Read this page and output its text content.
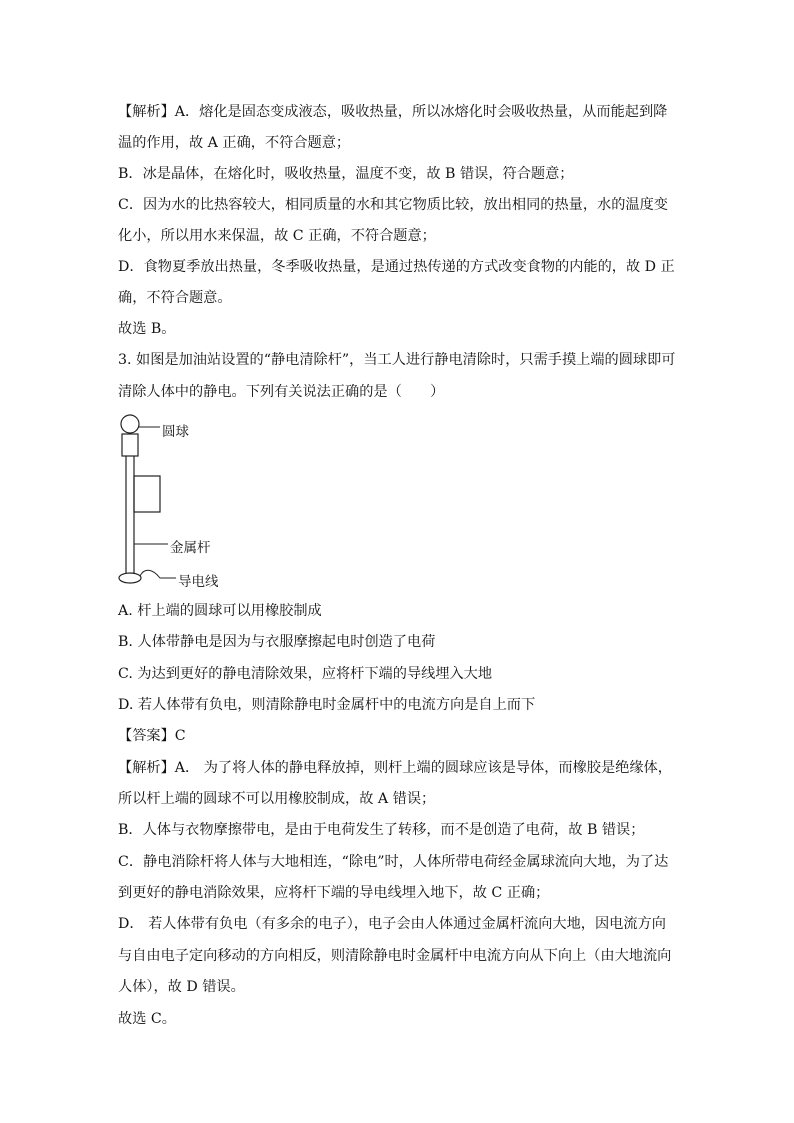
【解析】A．熔化是固态变成液态，吸收热量，所以冰熔化时会吸收热量，从而能起到降
温的作用，故 A 正确，不符合题意；
B．冰是晶体，在熔化时，吸收热量，温度不变，故 B 错误，符合题意；
C．因为水的比热容较大，相同质量的水和其它物质比较，放出相同的热量，水的温度变
化小，所以用水来保温，故 C 正确，不符合题意；
D．食物夏季放出热量，冬季吸收热量，是通过热传递的方式改变食物的内能的，故 D 正
确，不符合题意。
故选 B。
3. 如图是加油站设置的“静电清除杆”，当工人进行静电清除时，只需手摸上端的圆球即可
清除人体中的静电。下列有关说法正确的是（　　）
圆球
金属杆
导电线
A. 杆上端的圆球可以用橡胶制成
B. 人体带静电是因为与衣服摩擦起电时创造了电荷
C. 为达到更好的静电清除效果，应将杆下端的导线埋入大地
D. 若人体带有负电，则清除静电时金属杆中的电流方向是自上而下
【答案】C
【解析】A． 为了将人体的静电释放掉，则杆上端的圆球应该是导体，而橡胶是绝缘体，
所以杆上端的圆球不可以用橡胶制成，故 A 错误；
B．人体与衣物摩擦带电，是由于电荷发生了转移，而不是创造了电荷，故 B 错误；
C．静电消除杆将人体与大地相连，“除电”时，人体所带电荷经金属球流向大地，为了达
到更好的静电消除效果，应将杆下端的导电线埋入地下，故 C 正确；
D． 若人体带有负电（有多余的电子），电子会由人体通过金属杆流向大地，因电流方向
与自由电子定向移动的方向相反，则清除静电时金属杆中电流方向从下向上（由大地流向
人体），故 D 错误。
故选 C。
